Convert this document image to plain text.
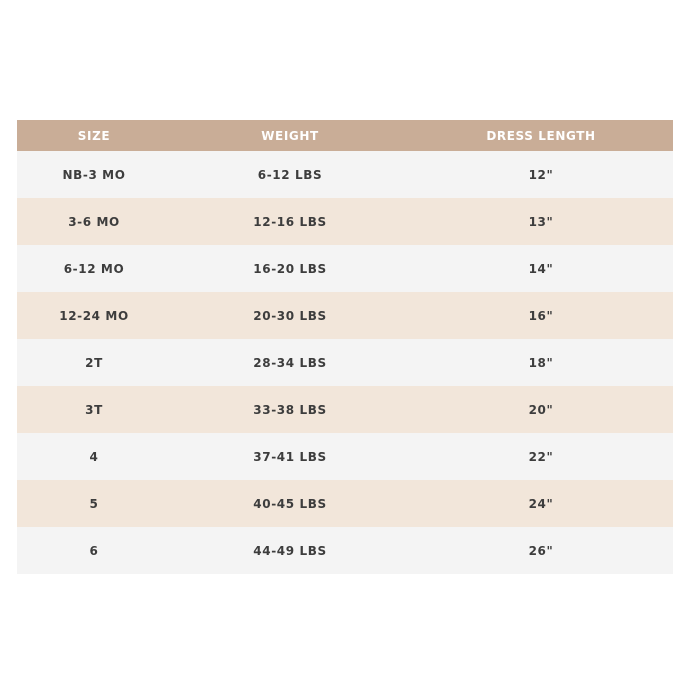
SIZE	WEIGHT	DRESS LENGTH
NB-3 MO	6-12 LBS	12"
3-6 MO	12-16 LBS	13"
6-12 MO	16-20 LBS	14"
12-24 MO	20-30 LBS	16"
2T	28-34 LBS	18"
3T	33-38 LBS	20"
4	37-41 LBS	22"
5	40-45 LBS	24"
6	44-49 LBS	26"
